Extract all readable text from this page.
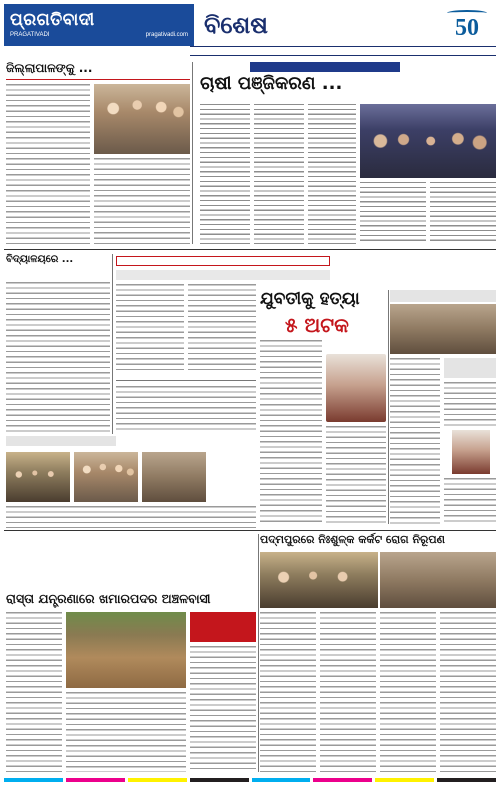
ପ୍ରଗତିବାଦୀ
PRAGATIVADI	pragativadi.com ବିଶେଷ	50
ଜିଲ୍ଲାପାଳଙ୍କୁ ...
ଚାଷୀ ପଞ୍ଜିକରଣ ...
ବିଦ୍ୟାଳୟରେ ...
ଯୁବତୀକୁ ହତ୍ୟା
୫ ଅଟକ
ପଦ୍ମପୁରରେ ନିଃଶୁଳ୍କ କର୍କଟ ରୋଗ ନିରୂପଣ
ରାସ୍ତା ଯନ୍ତ୍ରଣାରେ ଖମାରପଦର ଅଞ୍ଚଳବାସୀ
